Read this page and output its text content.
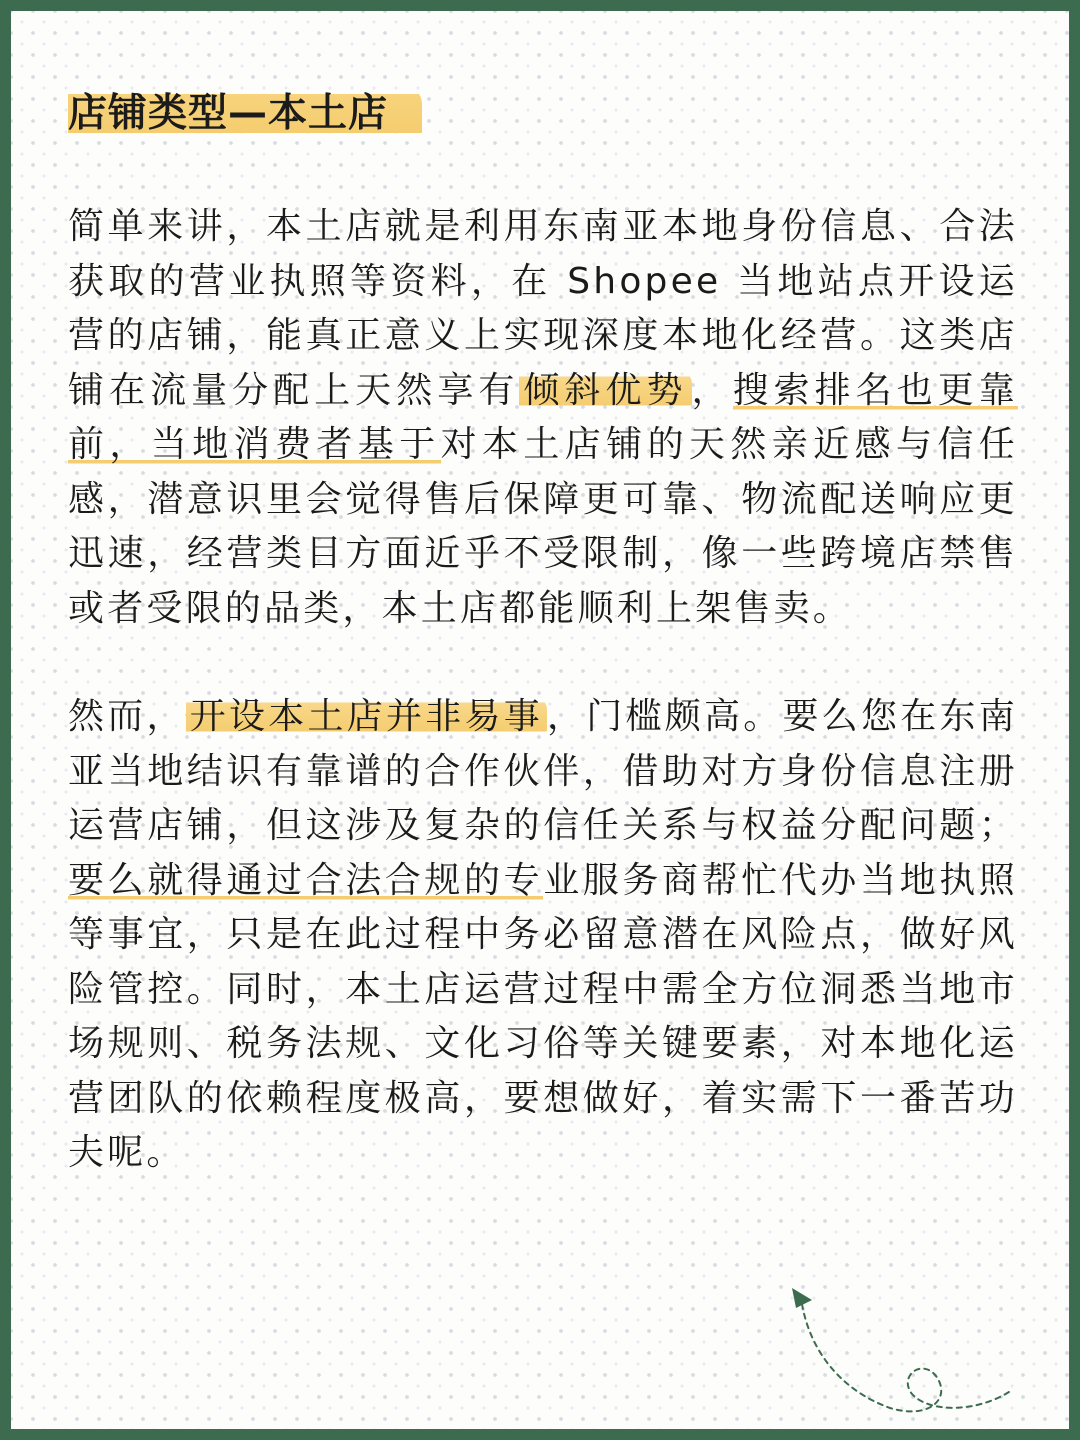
店铺类型—本土店

简单来讲，本土店就是利用东南亚本地身份信息、合法获取的营业执照等资料，在 Shopee 当地站点开设运营的店铺，能真正意义上实现深度本地化经营。这类店铺在流量分配上天然享有 倾斜优势 ，搜索排名也更靠前，当地消费者基于对本土店铺的天然亲近感与信任感，潜意识里会觉得售后保障更可靠、物流配送响应更迅速，经营类目方面近乎不受限制，像一些跨境店禁售或者受限的品类，本土店都能顺利上架售卖。

然而， 开设本土店并非易事 ，门槛颇高。要么您在东南亚当地结识有靠谱的合作伙伴，借助对方身份信息注册运营店铺，但这涉及复杂的信任关系与权益分配问题；要么就得通过合法合规的专业服务商帮忙代办当地执照等事宜，只是在此过程中务必留意潜在风险点，做好风险管控。同时，本土店运营过程中需全方位洞悉当地市场规则、税务法规、文化习俗等关键要素，对本地化运营团队的依赖程度极高，要想做好，着实需下一番苦功夫呢。
